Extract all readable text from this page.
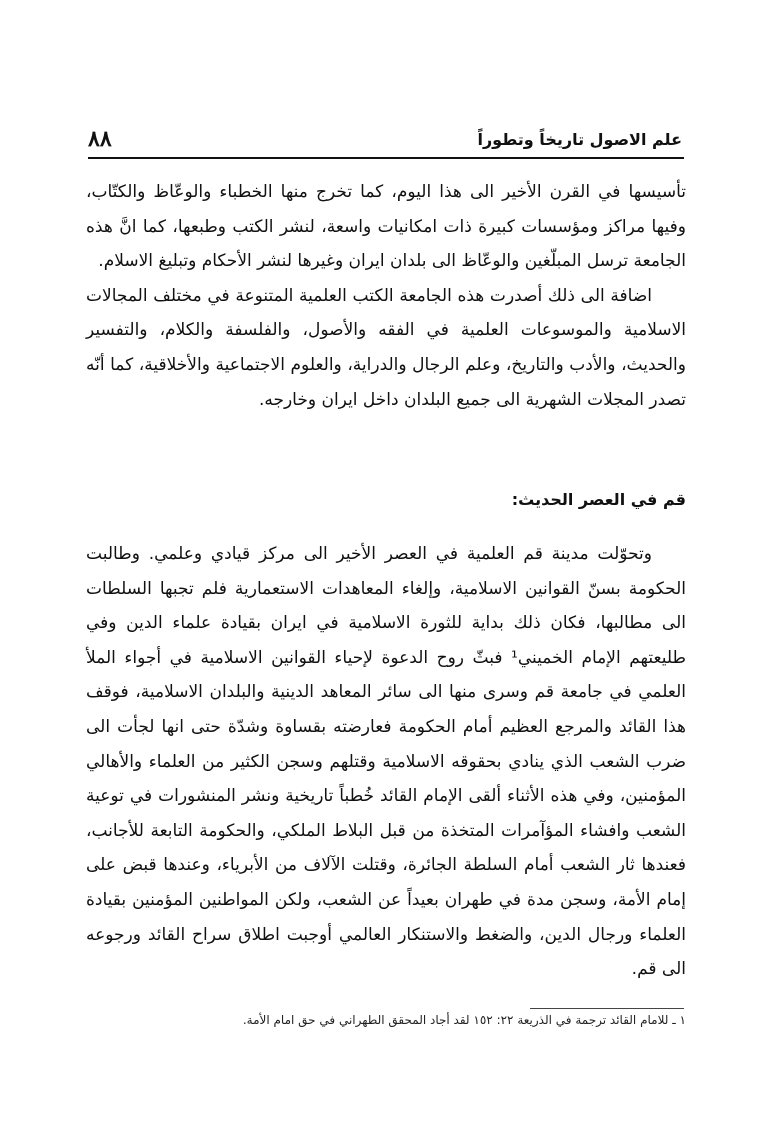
٨٨	علم الاصول تاريخاً وتطوراً

تأسيسها في القرن الأخير الى هذا اليوم، كما تخرج منها الخطباء والوعّاظ والكتّاب، وفيها مراكز ومؤسسات كبيرة ذات امكانيات واسعة، لنشر الكتب وطبعها، كما انَّ هذه الجامعة ترسل المبلّغين والوعّاظ الى بلدان ايران وغيرها لنشر الأحكام وتبليغ الاسلام.

اضافة الى ذلك أصدرت هذه الجامعة الكتب العلمية المتنوعة في مختلف المجالات الاسلامية والموسوعات العلمية في الفقه والأصول، والفلسفة والكلام، والتفسير والحديث، والأدب والتاريخ، وعلم الرجال والدراية، والعلوم الاجتماعية والأخلاقية، كما أنّه تصدر المجلات الشهرية الى جميع البلدان داخل ايران وخارجه.

قم في العصر الحديث:

وتحوّلت مدينة قم العلمية في العصر الأخير الى مركز قيادي وعلمي. وطالبت الحكومة بسنّ القوانين الاسلامية، وإلغاء المعاهدات الاستعمارية فلم تجبها السلطات الى مطالبها، فكان ذلك بداية للثورة الاسلامية في ايران بقيادة علماء الدين وفي طليعتهم الإمام الخميني¹ فبثّ روح الدعوة لإحياء القوانين الاسلامية في أجواء الملأ العلمي في جامعة قم وسرى منها الى سائر المعاهد الدينية والبلدان الاسلامية، فوقف هذا القائد والمرجع العظيم أمام الحكومة فعارضته بقساوة وشدّة حتى انها لجأت الى ضرب الشعب الذي ينادي بحقوقه الاسلامية وقتلهم وسجن الكثير من العلماء والأهالي المؤمنين، وفي هذه الأثناء ألقى الإمام القائد خُطباً تاريخية ونشر المنشورات في توعية الشعب وافشاء المؤآمرات المتخذة من قبل البلاط الملكي، والحكومة التابعة للأجانب، فعندها ثار الشعب أمام السلطة الجائرة، وقتلت الآلاف من الأبرياء، وعندها قبض على إمام الأمة، وسجن مدة في طهران بعيداً عن الشعب، ولكن المواطنين المؤمنين بقيادة العلماء ورجال الدين، والضغط والاستنكار العالمي أوجبت اطلاق سراح القائد ورجوعه الى قم.

١ ـ للامام القائد ترجمة في الذريعة ٢٢: ١٥٢ لقد أجاد المحقق الطهراني في حق امام الأمة.
